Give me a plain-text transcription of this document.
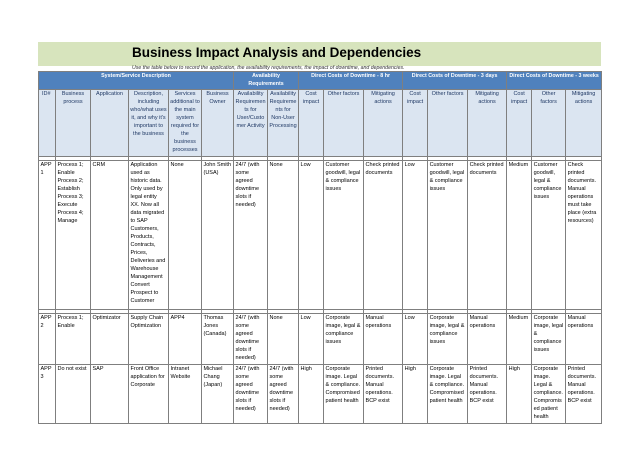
Business Impact Analysis and Dependencies
Use the table below to record the application, the availability requirements, the impact of downtime, and dependencies.
System/Service Description						Availability Requirements		Direct Costs of Downtime - 8 hr			Direct Costs of Downtime - 3 days			Direct Costs of Downtime - 3 weeks		
ID#	Business process	Application	Description, including who/what uses it, and why it's important to the business	Services additional to the main system required for the business processes	Business Owner	Availability Requirements for User/Customer Activity	Availability Requirements for Non-User Processing	Cost impact	Other factors	Mitigating actions	Cost impact	Other factors	Mitigating actions	Cost impact	Other factors	Mitigating actions

APP1	Process 1; Enable Process 2; Establish Process 3; Execute Process 4; Manage	CRM	Application used as historic data. Only used by legal entity XX. Now all data migrated to SAP Customers, Products, Contracts, Prices, Deliveries and Warehouse Management Convert Prospect to Customer	None	John Smith (USA)	24/7 (with some agreed downtime slots if needed)	None	Low	Customer goodwill, legal & compliance issues	Check printed documents	Low	Customer goodwill, legal & compliance issues	Check printed documents	Medium	Customer goodwill, legal & compliance issues	Check printed documents. Manual operations must take place (extra resources)

APP2	Process 1; Enable	Optimizator	Supply Chain Optimization	APP4	Thomas Jones (Canada)	24/7 (with some agreed downtime slots if needed)	None	Low	Corporate image, legal & compliance issues	Manual operations	Low	Corporate image, legal & compliance issues	Manual operations	Medium	Corporate image, legal & compliance issues	Manual operations
APP3	Do not exist	SAP	Front Office application for Corporate	Intranet Website	Michael Chang (Japan)	24/7 (with some agreed downtime slots if needed)	24/7 (with some agreed downtime slots if needed)	High	Corporate image. Legal & compliance. Compromised patient health	Printed documents. Manual operations. BCP exist	High	Corporate image. Legal & compliance. Compromised patient health	Printed documents. Manual operations. BCP exist	High	Corporate image. Legal & compliance. Compromised patient health	Printed documents. Manual operations. BCP exist
